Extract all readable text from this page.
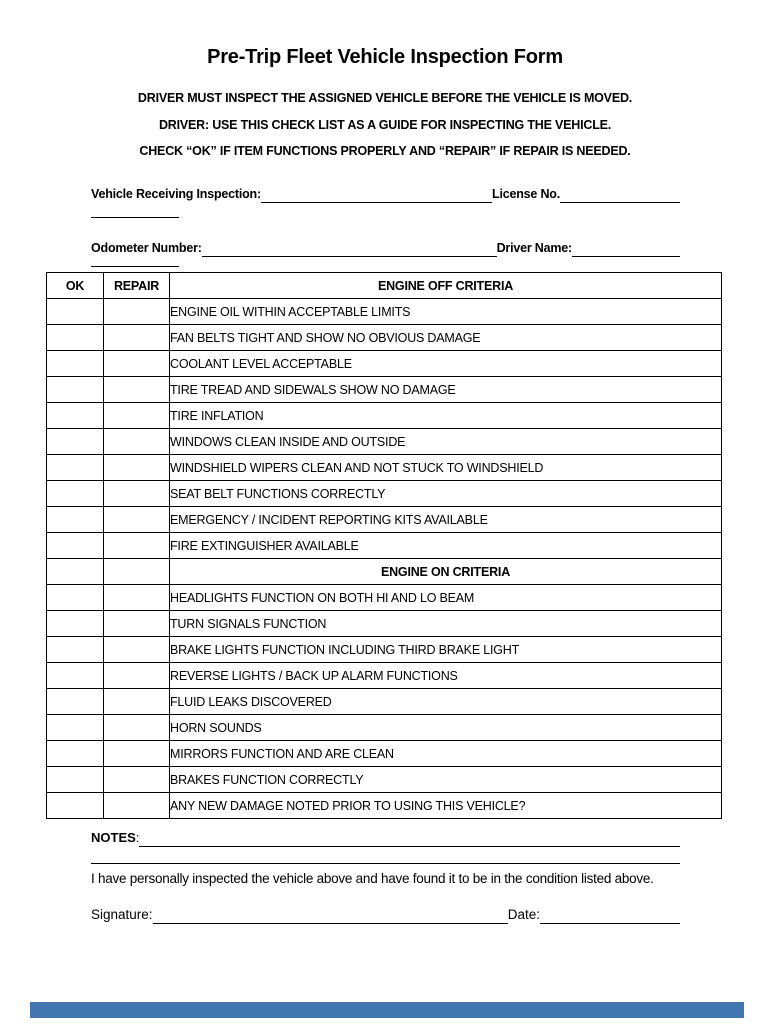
Pre-Trip Fleet Vehicle Inspection Form
DRIVER MUST INSPECT THE ASSIGNED VEHICLE BEFORE THE VEHICLE IS MOVED.
DRIVER: USE THIS CHECK LIST AS A GUIDE FOR INSPECTING THE VEHICLE.
CHECK “OK” IF ITEM FUNCTIONS PROPERLY AND “REPAIR” IF REPAIR IS NEEDED.
Vehicle Receiving Inspection:	License No.
Odometer Number:	Driver Name:
OK	REPAIR	ENGINE OFF CRITERIA
		ENGINE OIL WITHIN ACCEPTABLE LIMITS
		FAN BELTS TIGHT AND SHOW NO OBVIOUS DAMAGE
		COOLANT LEVEL ACCEPTABLE
		TIRE TREAD AND SIDEWALS SHOW NO DAMAGE
		TIRE INFLATION
		WINDOWS CLEAN INSIDE AND OUTSIDE
		WINDSHIELD WIPERS CLEAN AND NOT STUCK TO WINDSHIELD
		SEAT BELT FUNCTIONS CORRECTLY
		EMERGENCY / INCIDENT REPORTING KITS AVAILABLE
		FIRE EXTINGUISHER AVAILABLE
		ENGINE ON CRITERIA
		HEADLIGHTS FUNCTION ON BOTH HI AND LO BEAM
		TURN SIGNALS FUNCTION
		BRAKE LIGHTS FUNCTION INCLUDING THIRD BRAKE LIGHT
		REVERSE LIGHTS / BACK UP ALARM FUNCTIONS
		FLUID LEAKS DISCOVERED
		HORN SOUNDS
		MIRRORS FUNCTION AND ARE CLEAN
		BRAKES FUNCTION CORRECTLY
		ANY NEW DAMAGE NOTED PRIOR TO USING THIS VEHICLE?
NOTES :
I have personally inspected the vehicle above and have found it to be in the condition listed above.
Signature:	Date:
